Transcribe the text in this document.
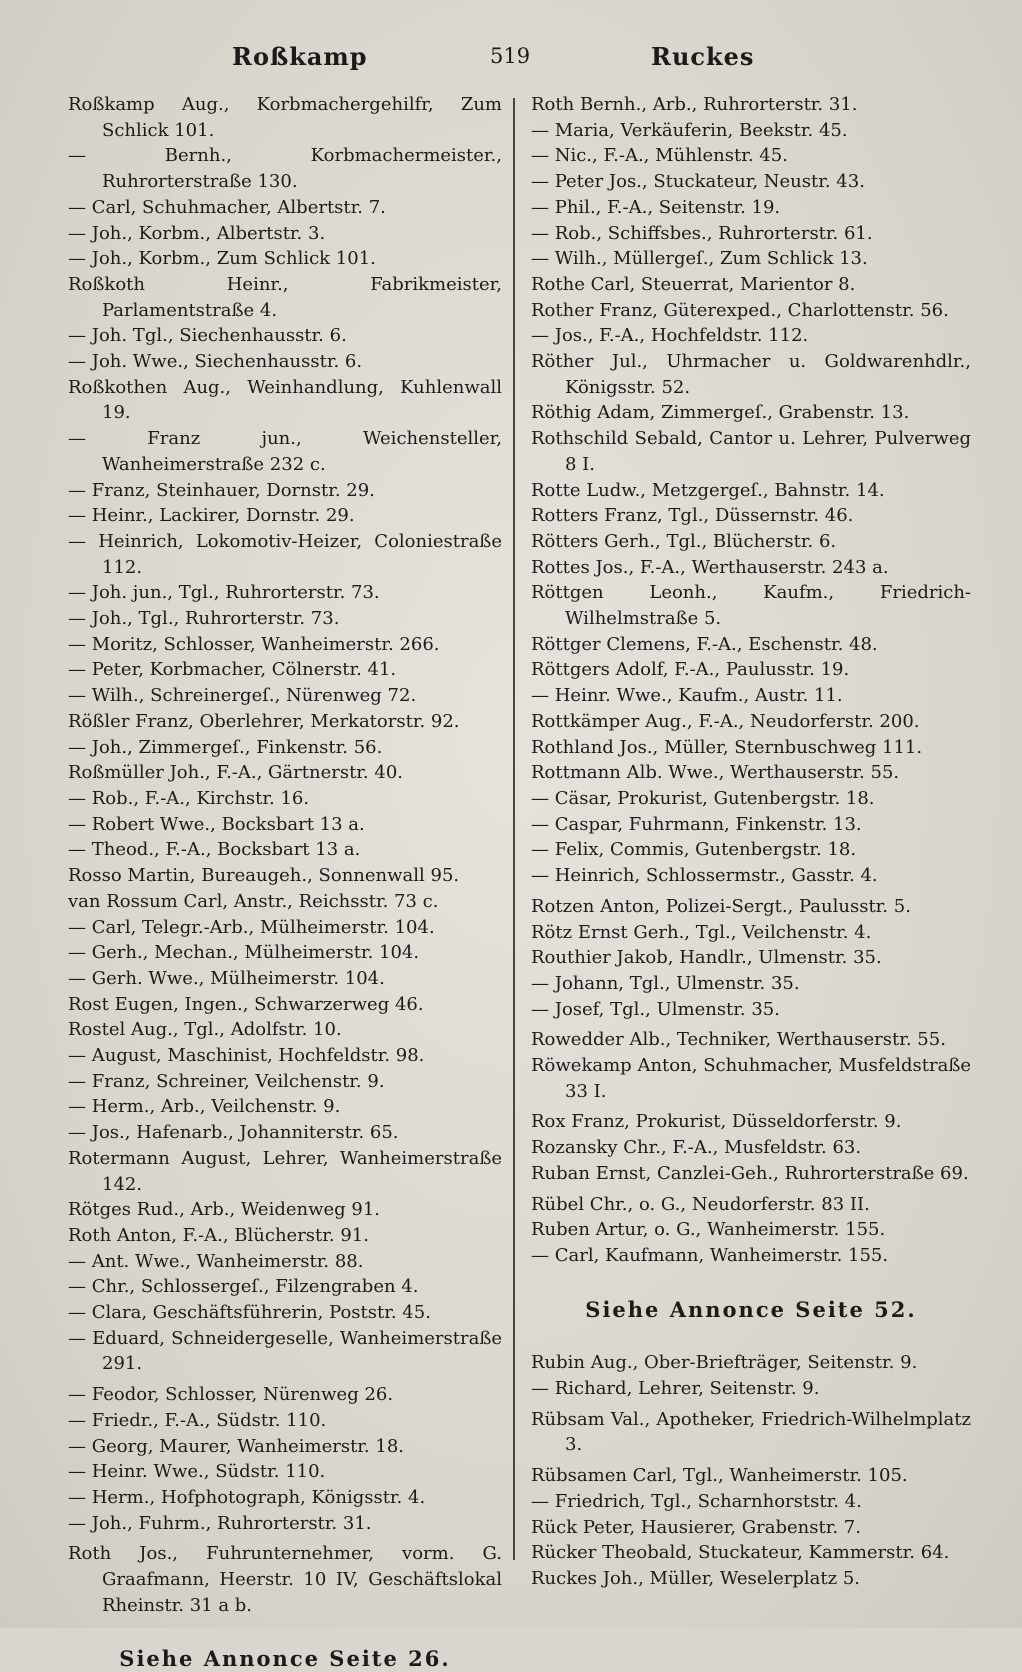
Roßkamp	519	Ruckes
Roßkamp Aug., Korbmachergehilfr, Zum Schlick 101.
— Bernh., Korbmachermeister., Ruhrorterstraße 130.
— Carl, Schuhmacher, Albertstr. 7.
— Joh., Korbm., Albertstr. 3.
— Joh., Korbm., Zum Schlick 101.
Roßkoth Heinr., Fabrikmeister, Parlamentstraße 4.
— Joh. Tgl., Siechenhausstr. 6.
— Joh. Wwe., Siechenhausstr. 6.
Roßkothen Aug., Weinhandlung, Kuhlenwall 19.
— Franz jun., Weichensteller, Wanheimerstraße 232 c.
— Franz, Steinhauer, Dornstr. 29.
— Heinr., Lackirer, Dornstr. 29.
— Heinrich, Lokomotiv-Heizer, Coloniestraße 112.
— Joh. jun., Tgl., Ruhrorterstr. 73.
— Joh., Tgl., Ruhrorterstr. 73.
— Moritz, Schlosser, Wanheimerstr. 266.
— Peter, Korbmacher, Cölnerstr. 41.
— Wilh., Schreinergeſ., Nürenweg 72.
Rößler Franz, Oberlehrer, Merkatorstr. 92.
— Joh., Zimmergeſ., Finkenstr. 56.
Roßmüller Joh., F.-A., Gärtnerstr. 40.
— Rob., F.-A., Kirchstr. 16.
— Robert Wwe., Bocksbart 13 a.
— Theod., F.-A., Bocksbart 13 a.
Rosso Martin, Bureaugeh., Sonnenwall 95.
van Rossum Carl, Anstr., Reichsstr. 73 c.
— Carl, Telegr.-Arb., Mülheimerstr. 104.
— Gerh., Mechan., Mülheimerstr. 104.
— Gerh. Wwe., Mülheimerstr. 104.
Rost Eugen, Ingen., Schwarzerweg 46.
Rostel Aug., Tgl., Adolfstr. 10.
— August, Maschinist, Hochfeldstr. 98.
— Franz, Schreiner, Veilchenstr. 9.
— Herm., Arb., Veilchenstr. 9.
— Jos., Hafenarb., Johanniterstr. 65.
Rotermann August, Lehrer, Wanheimerstraße 142.
Rötges Rud., Arb., Weidenweg 91.
Roth Anton, F.-A., Blücherstr. 91.
— Ant. Wwe., Wanheimerstr. 88.
— Chr., Schlossergeſ., Filzengraben 4.
— Clara, Geschäftsführerin, Poststr. 45.
— Eduard, Schneidergeselle, Wanheimerstraße 291.
— Feodor, Schlosser, Nürenweg 26.
— Friedr., F.-A., Südstr. 110.
— Georg, Maurer, Wanheimerstr. 18.
— Heinr. Wwe., Südstr. 110.
— Herm., Hofphotograph, Königsstr. 4.
— Joh., Fuhrm., Ruhrorterstr. 31.
Roth Jos., Fuhrunternehmer, vorm. G. Graafmann, Heerstr. 10 IV, Geschäftslokal Rheinstr. 31 a b.
Siehe Annonce Seite 26.
Roth Bernh., Arb., Ruhrorterstr. 31.
— Maria, Verkäuferin, Beekstr. 45.
— Nic., F.-A., Mühlenstr. 45.
— Peter Jos., Stuckateur, Neustr. 43.
— Phil., F.-A., Seitenstr. 19.
— Rob., Schiffsbes., Ruhrorterstr. 61.
— Wilh., Müllergeſ., Zum Schlick 13.
Rothe Carl, Steuerrat, Marientor 8.
Rother Franz, Güterexped., Charlottenstr. 56.
— Jos., F.-A., Hochfeldstr. 112.
Röther Jul., Uhrmacher u. Goldwarenhdlr., Königsstr. 52.
Röthig Adam, Zimmergeſ., Grabenstr. 13.
Rothschild Sebald, Cantor u. Lehrer, Pulverweg 8 I.
Rotte Ludw., Metzgergeſ., Bahnstr. 14.
Rotters Franz, Tgl., Düssernstr. 46.
Rötters Gerh., Tgl., Blücherstr. 6.
Rottes Jos., F.-A., Werthauserstr. 243 a.
Röttgen Leonh., Kaufm., Friedrich-Wilhelmstraße 5.
Röttger Clemens, F.-A., Eschenstr. 48.
Röttgers Adolf, F.-A., Paulusstr. 19.
— Heinr. Wwe., Kaufm., Austr. 11.
Rottkämper Aug., F.-A., Neudorferstr. 200.
Rothland Jos., Müller, Sternbuschweg 111.
Rottmann Alb. Wwe., Werthauserstr. 55.
— Cäsar, Prokurist, Gutenbergstr. 18.
— Caspar, Fuhrmann, Finkenstr. 13.
— Felix, Commis, Gutenbergstr. 18.
— Heinrich, Schlossermstr., Gasstr. 4.
Rotzen Anton, Polizei-Sergt., Paulusstr. 5.
Rötz Ernst Gerh., Tgl., Veilchenstr. 4.
Routhier Jakob, Handlr., Ulmenstr. 35.
— Johann, Tgl., Ulmenstr. 35.
— Josef, Tgl., Ulmenstr. 35.
Rowedder Alb., Techniker, Werthauserstr. 55.
Röwekamp Anton, Schuhmacher, Musfeldstraße 33 I.
Rox Franz, Prokurist, Düsseldorferstr. 9.
Rozansky Chr., F.-A., Musfeldstr. 63.
Ruban Ernst, Canzlei-Geh., Ruhrorterstraße 69.
Rübel Chr., o. G., Neudorferstr. 83 II.
Ruben Artur, o. G., Wanheimerstr. 155.
— Carl, Kaufmann, Wanheimerstr. 155.
Siehe Annonce Seite 52.
Rubin Aug., Ober-Briefträger, Seitenstr. 9.
— Richard, Lehrer, Seitenstr. 9.
Rübsam Val., Apotheker, Friedrich-Wilhelmplatz 3.
Rübsamen Carl, Tgl., Wanheimerstr. 105.
— Friedrich, Tgl., Scharnhorststr. 4.
Rück Peter, Hausierer, Grabenstr. 7.
Rücker Theobald, Stuckateur, Kammerstr. 64.
Ruckes Joh., Müller, Weselerplatz 5.
